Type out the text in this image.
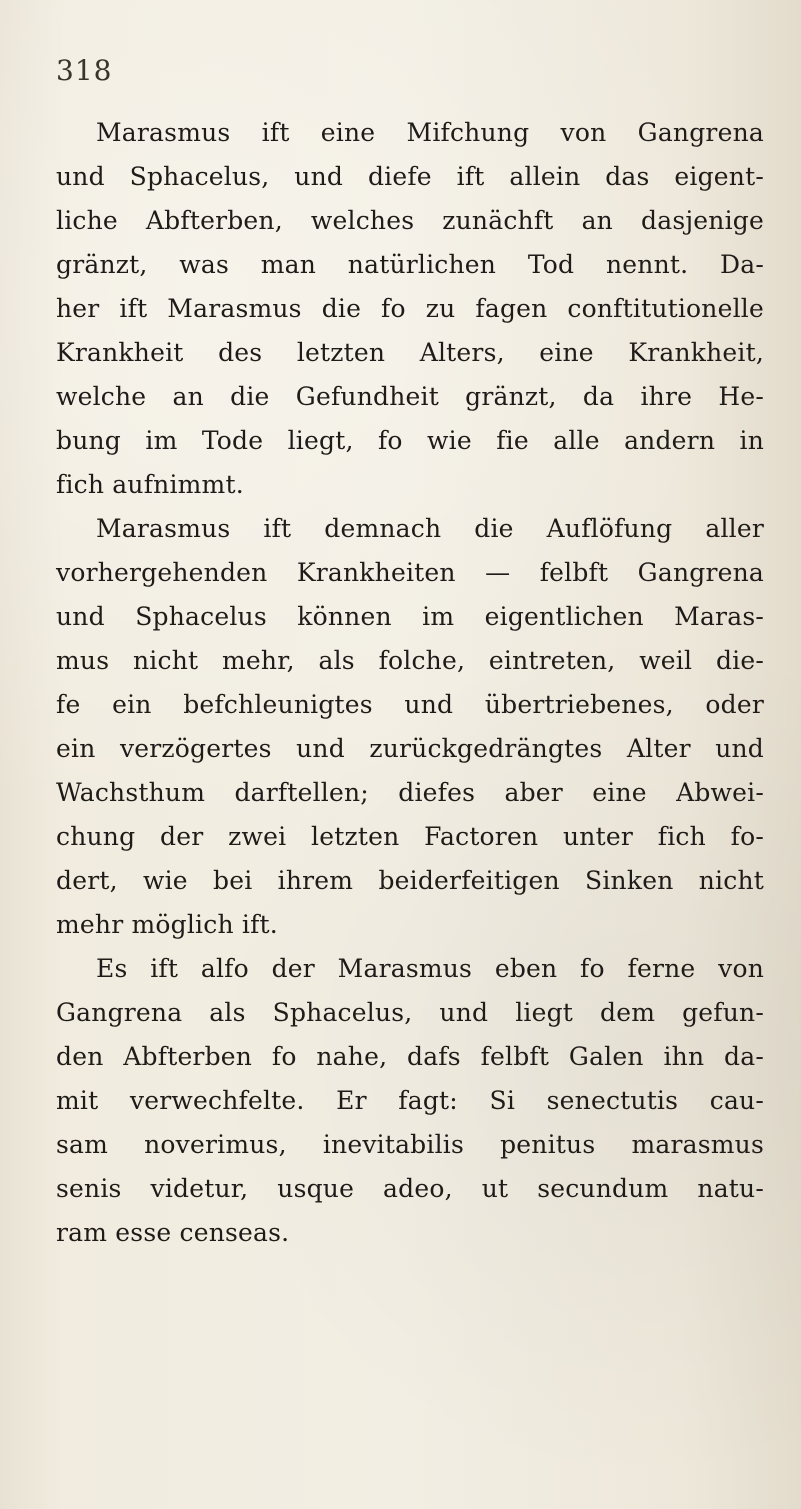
318
Marasmus ift eine Mifchung von Gangrena
und Sphacelus, und diefe ift allein das eigent-
liche Abfterben, welches zunächft an dasjenige
gränzt, was man natürlichen Tod nennt. Da-
her ift Marasmus die fo zu fagen conftitutionelle
Krankheit des letzten Alters, eine Krankheit,
welche an die Gefundheit gränzt, da ihre He-
bung im Tode liegt, fo wie fie alle andern in
fich aufnimmt.
Marasmus ift demnach die Auflöfung aller
vorhergehenden Krankheiten — felbft Gangrena
und Sphacelus können im eigentlichen Maras-
mus nicht mehr, als folche, eintreten, weil die-
fe ein befchleunigtes und übertriebenes, oder
ein verzögertes und zurückgedrängtes Alter und
Wachsthum darftellen; diefes aber eine Abwei-
chung der zwei letzten Factoren unter fich fo-
dert, wie bei ihrem beiderfeitigen Sinken nicht
mehr möglich ift.
Es ift alfo der Marasmus eben fo ferne von
Gangrena als Sphacelus, und liegt dem gefun-
den Abfterben fo nahe, dafs felbft Galen ihn da-
mit verwechfelte. Er fagt: Si senectutis cau-
sam noverimus, inevitabilis penitus marasmus
senis videtur, usque adeo, ut secundum natu-
ram esse censeas.
